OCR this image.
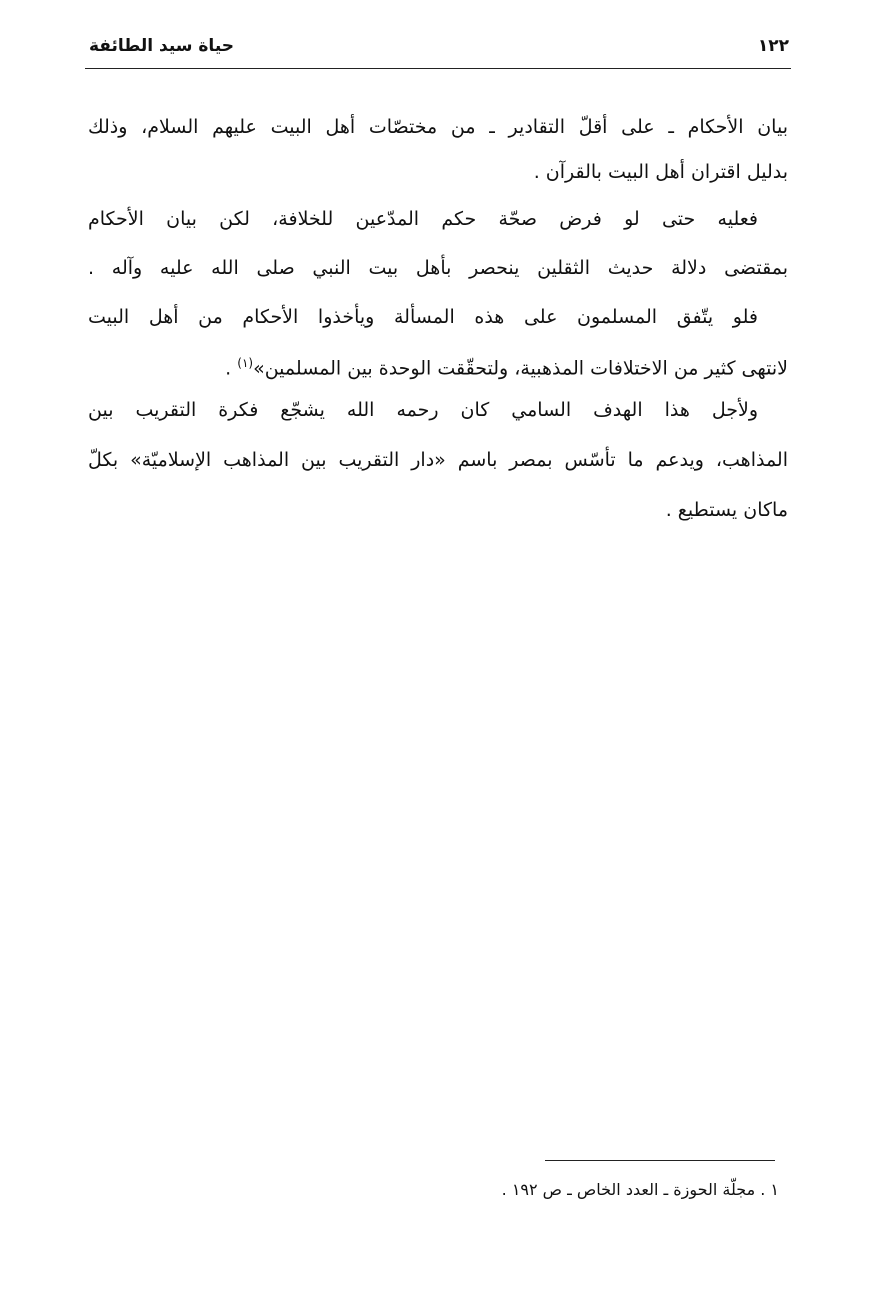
حياة سيد الطائفة	١٢٢
بيان الأحكام ـ على أقلّ التقادير ـ من مختصّات أهل البيت عليهم السلام، وذلك
بدليل اقتران أهل البيت بالقرآن .
فعليه حتى لو فرض صحّة حكم المدّعين للخلافة، لكن بيان الأحكام
بمقتضى دلالة حديث الثقلين ينحصر بأهل بيت النبي صلى الله عليه وآله .
فلو يتّفق المسلمون على هذه المسألة ويأخذوا الأحكام من أهل البيت
لانتهى كثير من الاختلافات المذهبية، ولتحقّقت الوحدة بين المسلمين»$^{(١)}$ .
ولأجل هذا الهدف السامي كان رحمه الله يشجّع فكرة التقريب بين
المذاهب، ويدعم ما تأسّس بمصر باسم «دار التقريب بين المذاهب الإسلاميّة» بكلّ
ماكان يستطيع .
١ . مجلّة الحوزة ـ العدد الخاص ـ ص ١٩٢ .
